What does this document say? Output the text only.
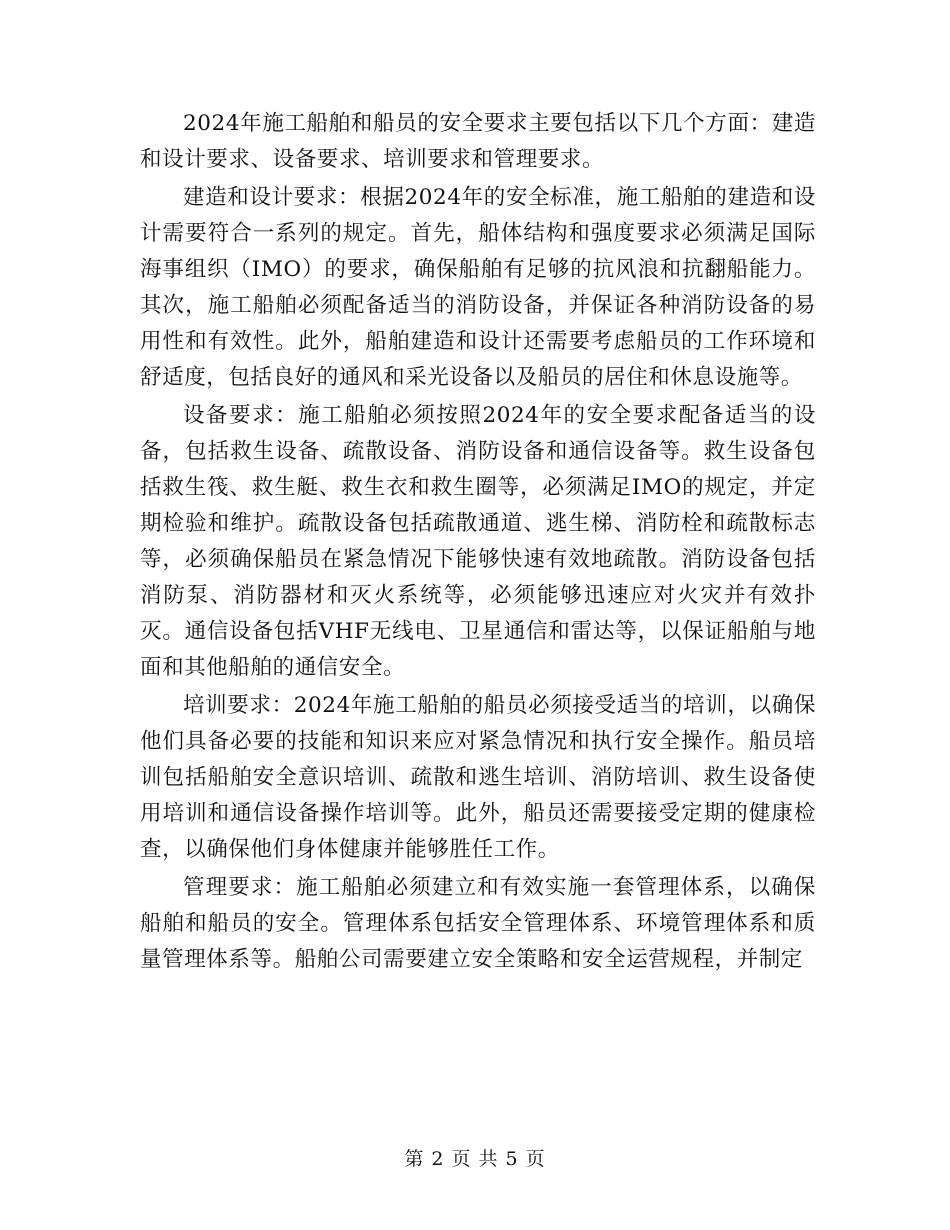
2024年施工船舶和船员的安全要求主要包括以下几个方面：建造和设计要求、设备要求、培训要求和管理要求。

建造和设计要求：根据2024年的安全标准，施工船舶的建造和设计需要符合一系列的规定。首先，船体结构和强度要求必须满足国际海事组织（IMO）的要求，确保船舶有足够的抗风浪和抗翻船能力。其次，施工船舶必须配备适当的消防设备，并保证各种消防设备的易用性和有效性。此外，船舶建造和设计还需要考虑船员的工作环境和舒适度，包括良好的通风和采光设备以及船员的居住和休息设施等。

设备要求：施工船舶必须按照2024年的安全要求配备适当的设备，包括救生设备、疏散设备、消防设备和通信设备等。救生设备包括救生筏、救生艇、救生衣和救生圈等，必须满足IMO的规定，并定期检验和维护。疏散设备包括疏散通道、逃生梯、消防栓和疏散标志等，必须确保船员在紧急情况下能够快速有效地疏散。消防设备包括消防泵、消防器材和灭火系统等，必须能够迅速应对火灾并有效扑灭。通信设备包括VHF无线电、卫星通信和雷达等，以保证船舶与地面和其他船舶的通信安全。

培训要求：2024年施工船舶的船员必须接受适当的培训，以确保他们具备必要的技能和知识来应对紧急情况和执行安全操作。船员培训包括船舶安全意识培训、疏散和逃生培训、消防培训、救生设备使用培训和通信设备操作培训等。此外，船员还需要接受定期的健康检查，以确保他们身体健康并能够胜任工作。

管理要求：施工船舶必须建立和有效实施一套管理体系，以确保船舶和船员的安全。管理体系包括安全管理体系、环境管理体系和质量管理体系等。船舶公司需要建立安全策略和安全运营规程，并制定

第 2 页 共 5 页
